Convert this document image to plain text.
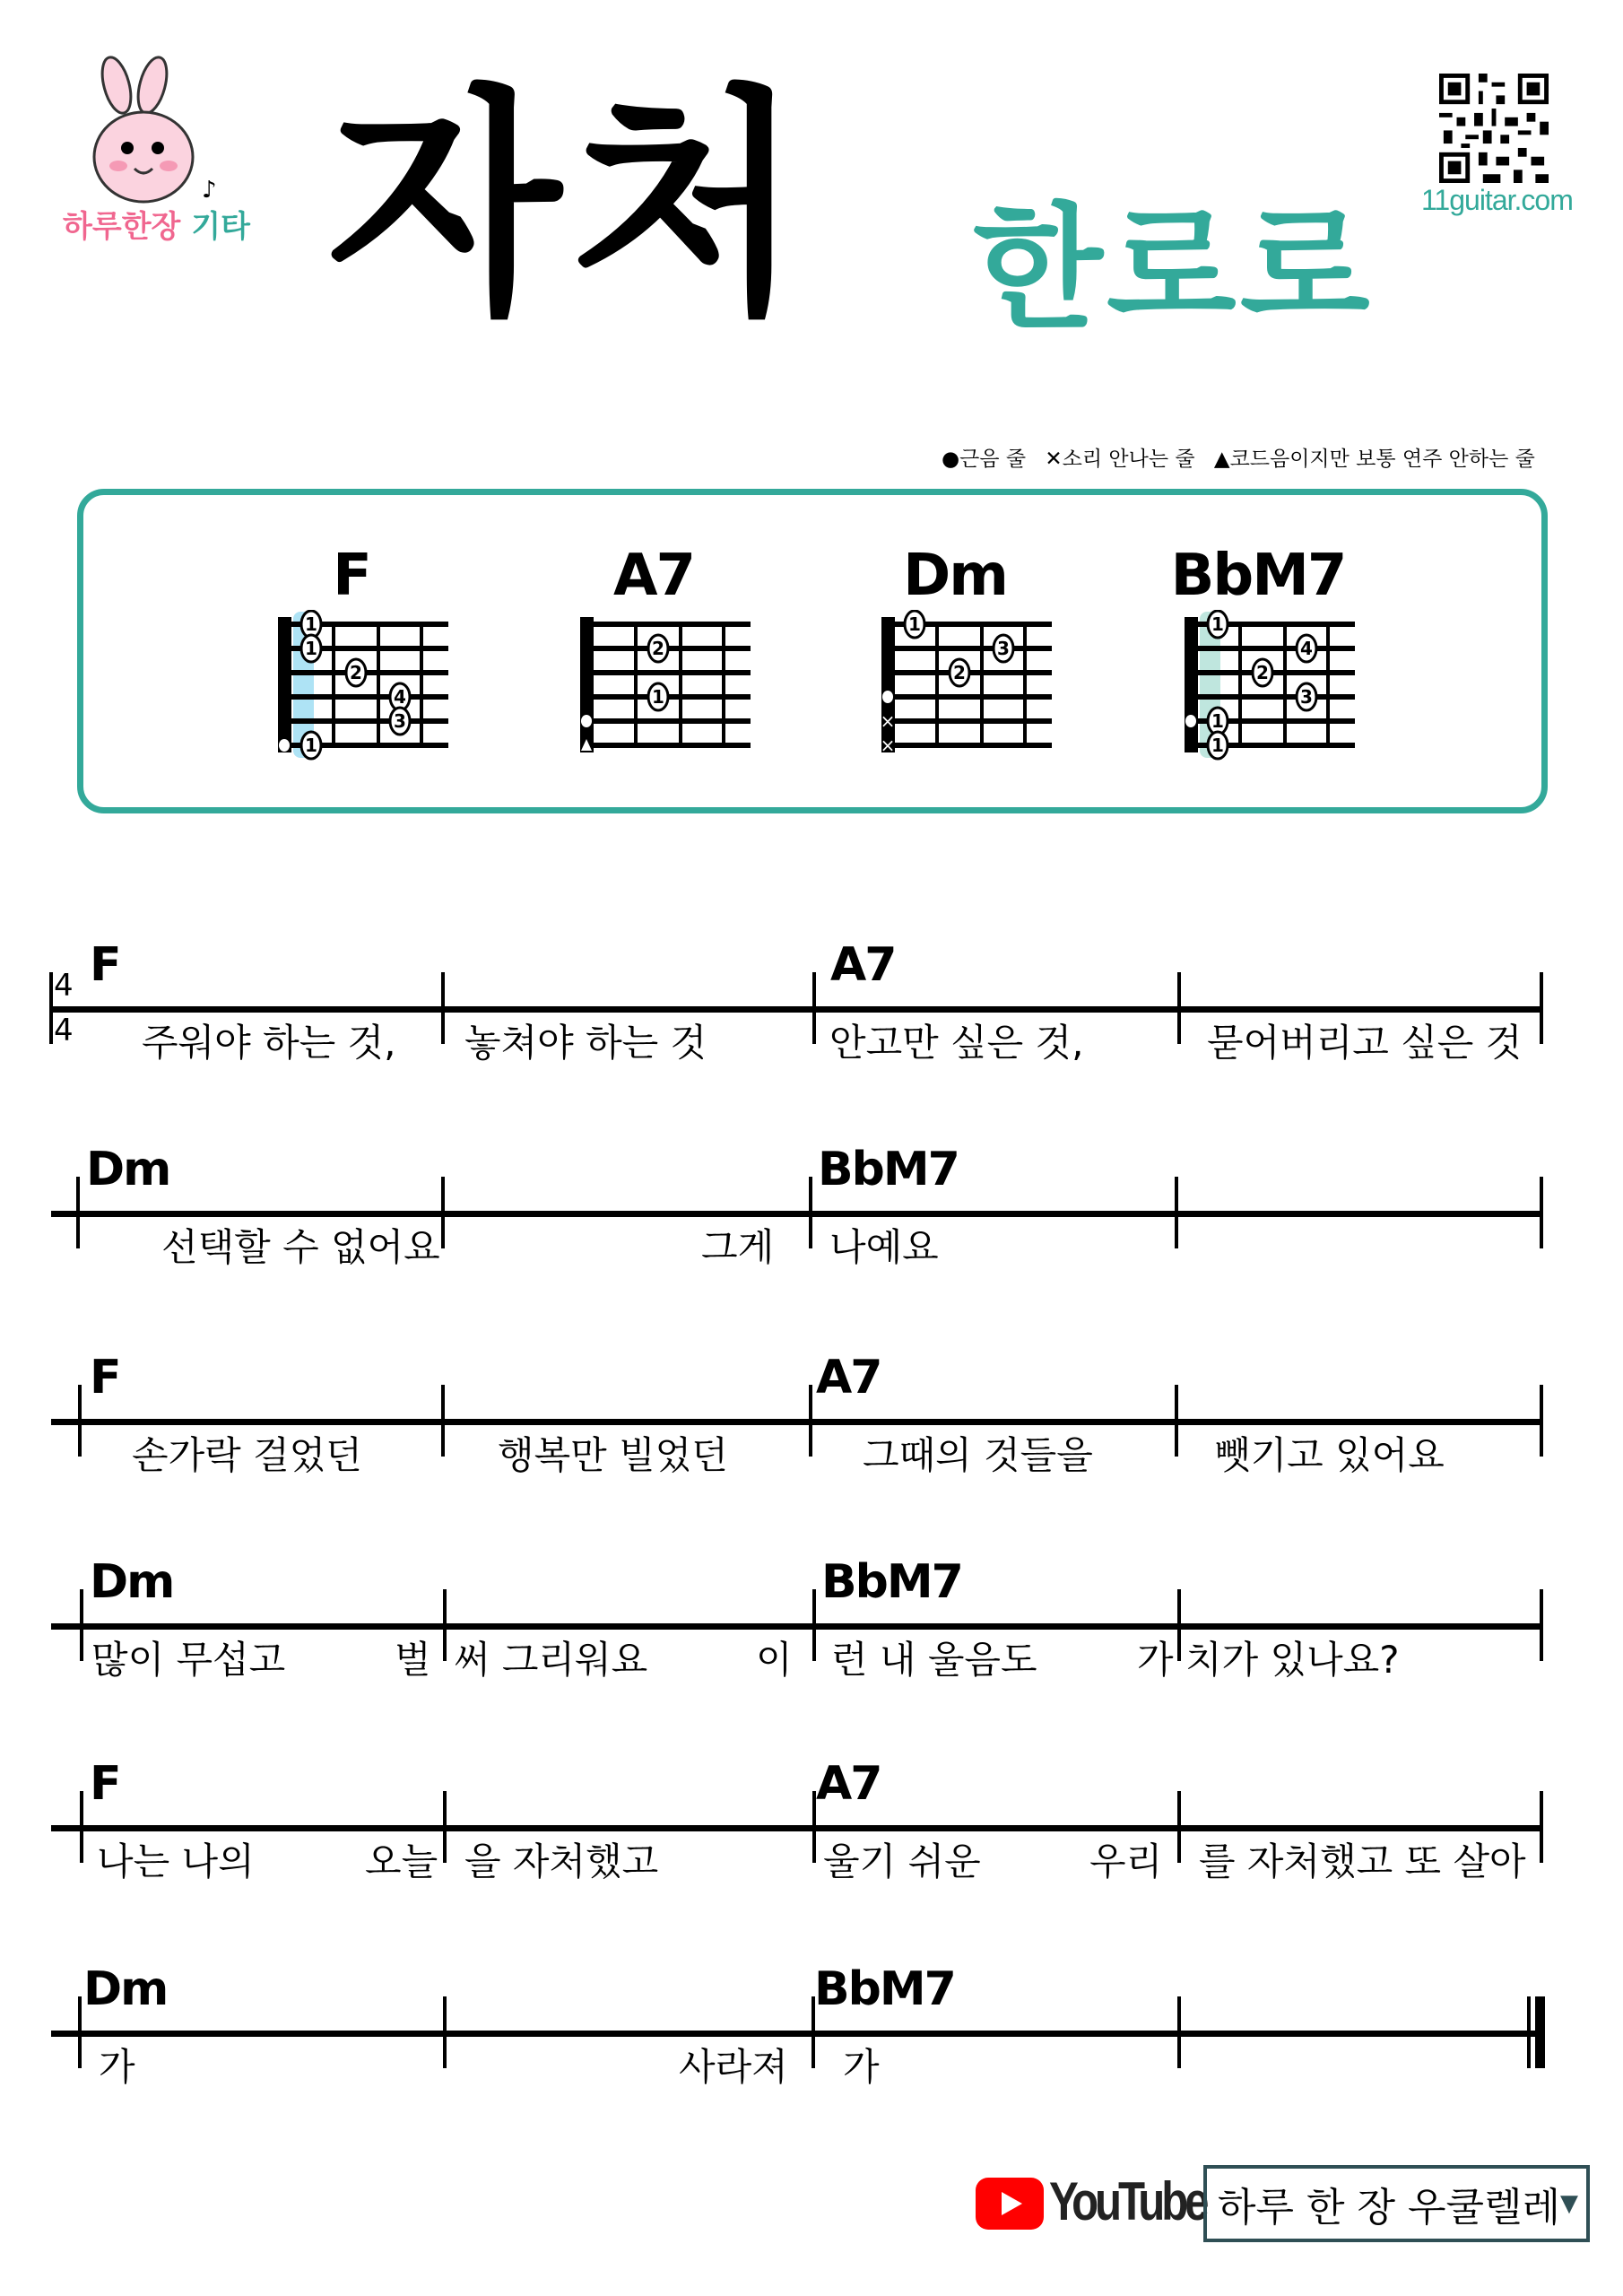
♪
하루한장 기타 자처 한로로 11guitar.com
●근음 줄 ✕소리 안나는 줄 ▲코드음이지만 보통 연주 안하는 줄
F
1
1
2
4
3
1
A7
2
1
Dm
×
×
1
3
2
BbM7
1
4
2
3
1
1
4
4
F	A7
주워야 하는 것, 놓쳐야 하는 것	안고만 싶은 것,	묻어버리고 싶은 것
Dm	BbM7
선택할 수 없어요	그게 나예요
F	A7
손가락 걸었던	행복만 빌었던	그때의 것들을	뺏기고 있어요
Dm	BbM7
많이 무섭고	벌 써 그리워요	이 런 내 울음도	가 치가 있나요?
F	A7
나는 나의	오늘 을 자처했고	울기 쉬운	우리 를 자처했고 또 살아
Dm	BbM7
가	사라져 가
YouTube 하루 한 장 우쿨렐레 ▼
